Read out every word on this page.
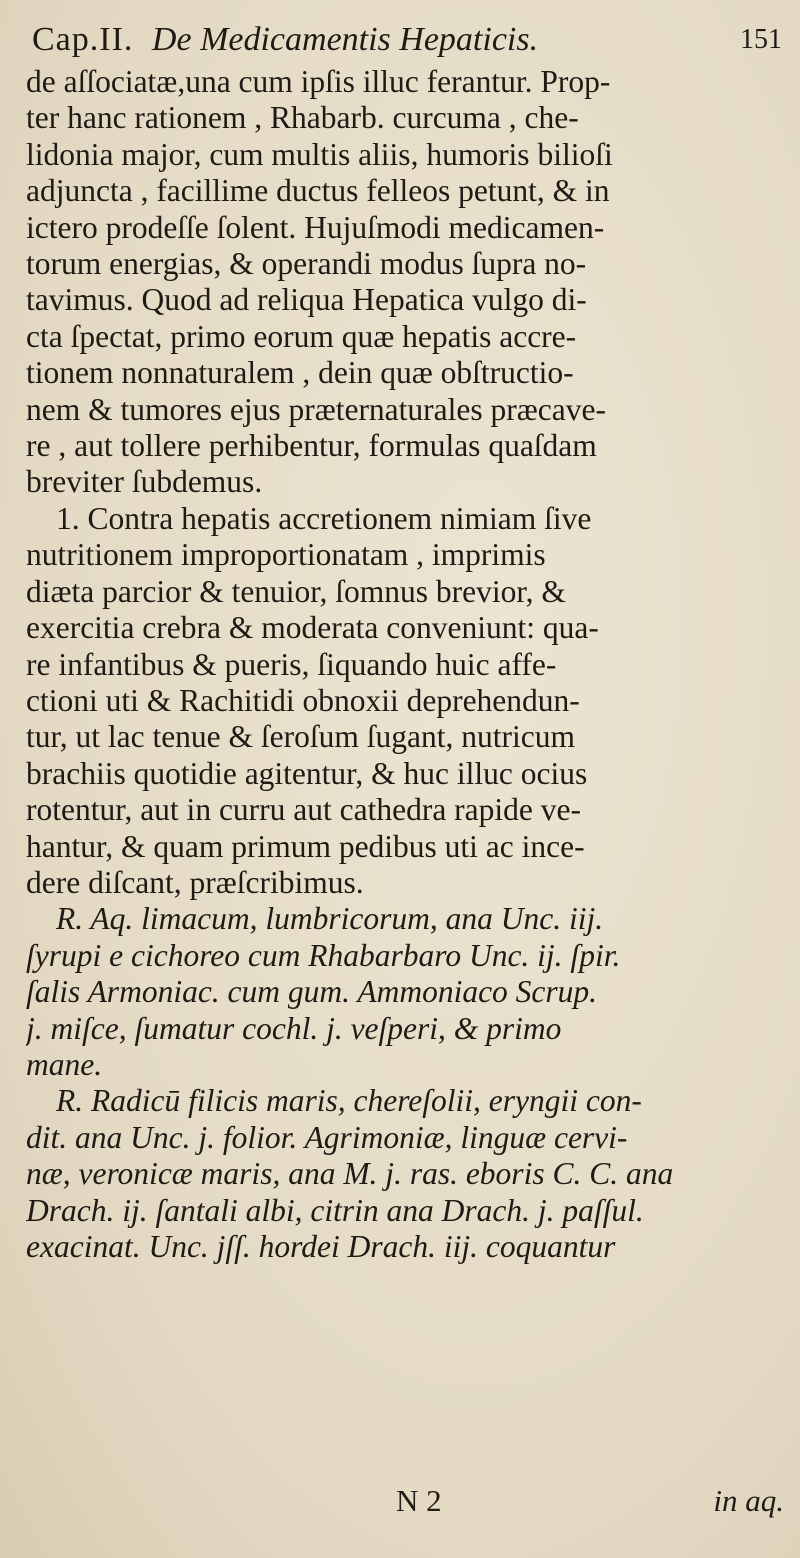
Cap.II. De Medicamentis Hepaticis.	151
de aſſociatæ,una cum ipſis illuc ferantur. Prop-
ter hanc rationem , Rhabarb. curcuma , che-
lidonia major, cum multis aliis, humoris bilioſi
adjuncta , facillime ductus felleos petunt, & in
ictero prodeſſe ſolent. Hujuſmodi medicamen-
torum energias, & operandi modus ſupra no-
tavimus. Quod ad reliqua Hepatica vulgo di-
cta ſpectat, primo eorum quæ hepatis accre-
tionem nonnaturalem , dein quæ obſtructio-
nem & tumores ejus præternaturales præcave-
re , aut tollere perhibentur, formulas quaſdam
breviter ſubdemus.
1. Contra hepatis accretionem nimiam ſive
nutritionem improportionatam , imprimis
diæta parcior & tenuior, ſomnus brevior, &
exercitia crebra & moderata conveniunt: qua-
re infantibus & pueris, ſiquando huic affe-
ctioni uti & Rachitidi obnoxii deprehendun-
tur, ut lac tenue & ſeroſum ſugant, nutricum
brachiis quotidie agitentur, & huc illuc ocius
rotentur, aut in curru aut cathedra rapide ve-
hantur, & quam primum pedibus uti ac ince-
dere diſcant, præſcribimus.
R. Aq. limacum, lumbricorum, ana Unc. iij.
ſyrupi e cichoreo cum Rhabarbaro Unc. ij. ſpir.
ſalis Armoniac. cum gum. Ammoniaco Scrup.
j. miſce, ſumatur cochl. j. veſperi, & primo
mane.
R. Radicū filicis maris, chereſolii, eryngii con-
dit. ana Unc. j. folior. Agrimoniæ, linguæ cervi-
næ, veronicæ maris, ana M. j. ras. eboris C. C. ana
Drach. ij. ſantali albi, citrin ana Drach. j. paſſul.
exacinat. Unc. jſſ. hordei Drach. iij. coquantur
N 2	in aq.
